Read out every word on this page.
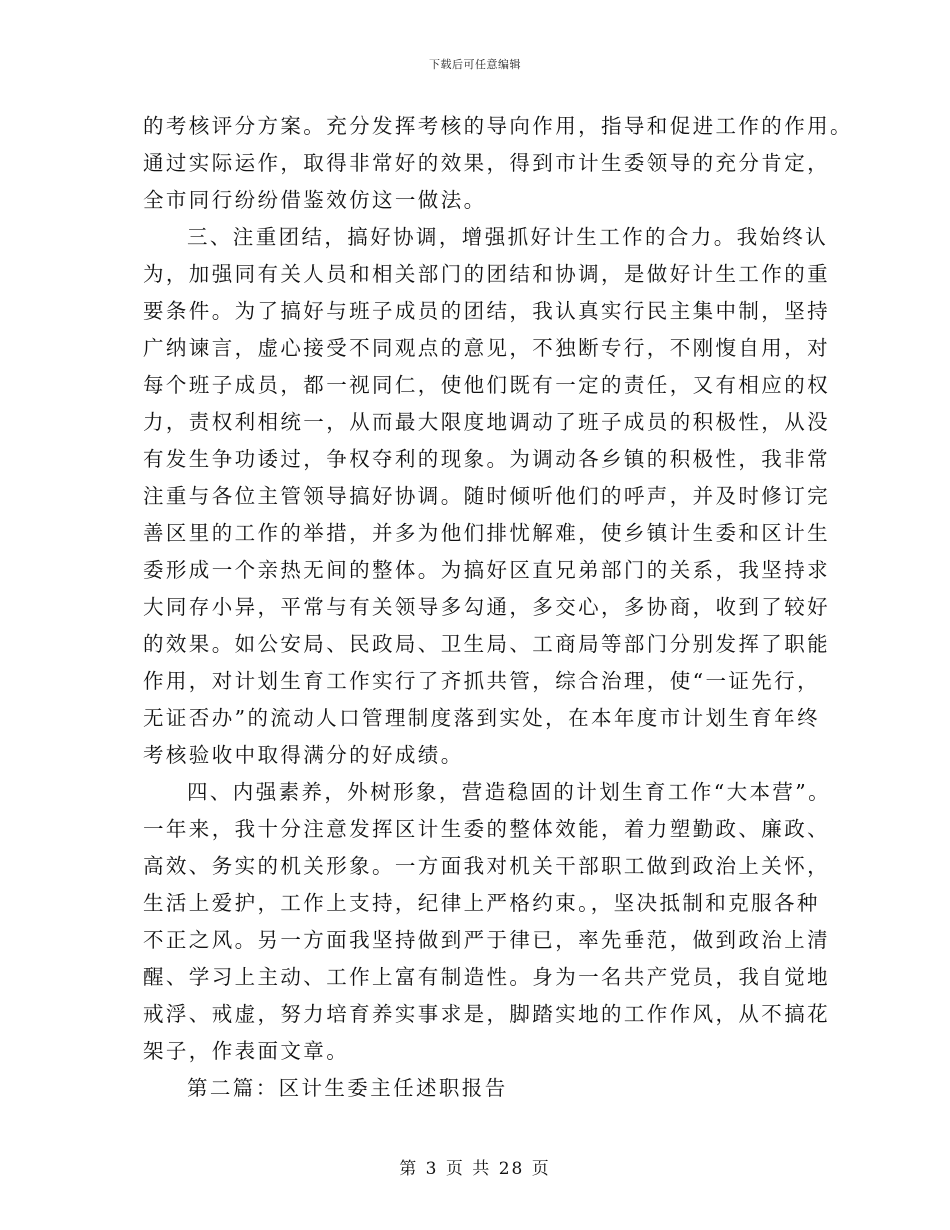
下载后可任意编辑
的考核评分方案。充分发挥考核的导向作用，指导和促进工作的作用。
通过实际运作，取得非常好的效果，得到市计生委领导的充分肯定，
全市同行纷纷借鉴效仿这一做法。
三、注重团结，搞好协调，增强抓好计生工作的合力。我始终认
为，加强同有关人员和相关部门的团结和协调，是做好计生工作的重
要条件。为了搞好与班子成员的团结，我认真实行民主集中制，坚持
广纳谏言，虚心接受不同观点的意见，不独断专行，不刚愎自用，对
每个班子成员，都一视同仁，使他们既有一定的责任，又有相应的权
力，责权利相统一，从而最大限度地调动了班子成员的积极性，从没
有发生争功诿过，争权夺利的现象。为调动各乡镇的积极性，我非常
注重与各位主管领导搞好协调。随时倾听他们的呼声，并及时修订完
善区里的工作的举措，并多为他们排忧解难，使乡镇计生委和区计生
委形成一个亲热无间的整体。为搞好区直兄弟部门的关系，我坚持求
大同存小异，平常与有关领导多勾通，多交心，多协商，收到了较好
的效果。如公安局、民政局、卫生局、工商局等部门分别发挥了职能
作用，对计划生育工作实行了齐抓共管，综合治理，使“一证先行，
无证否办”的流动人口管理制度落到实处，在本年度市计划生育年终
考核验收中取得满分的好成绩。
四、内强素养，外树形象，营造稳固的计划生育工作“大本营”。
一年来，我十分注意发挥区计生委的整体效能，着力塑勤政、廉政、
高效、务实的机关形象。一方面我对机关干部职工做到政治上关怀，
生活上爱护，工作上支持，纪律上严格约束。，坚决抵制和克服各种
不正之风。另一方面我坚持做到严于律已，率先垂范，做到政治上清
醒、学习上主动、工作上富有制造性。身为一名共产党员，我自觉地
戒浮、戒虚，努力培育养实事求是，脚踏实地的工作作风，从不搞花
架子，作表面文章。
第二篇：区计生委主任述职报告
第 3 页 共 28 页
